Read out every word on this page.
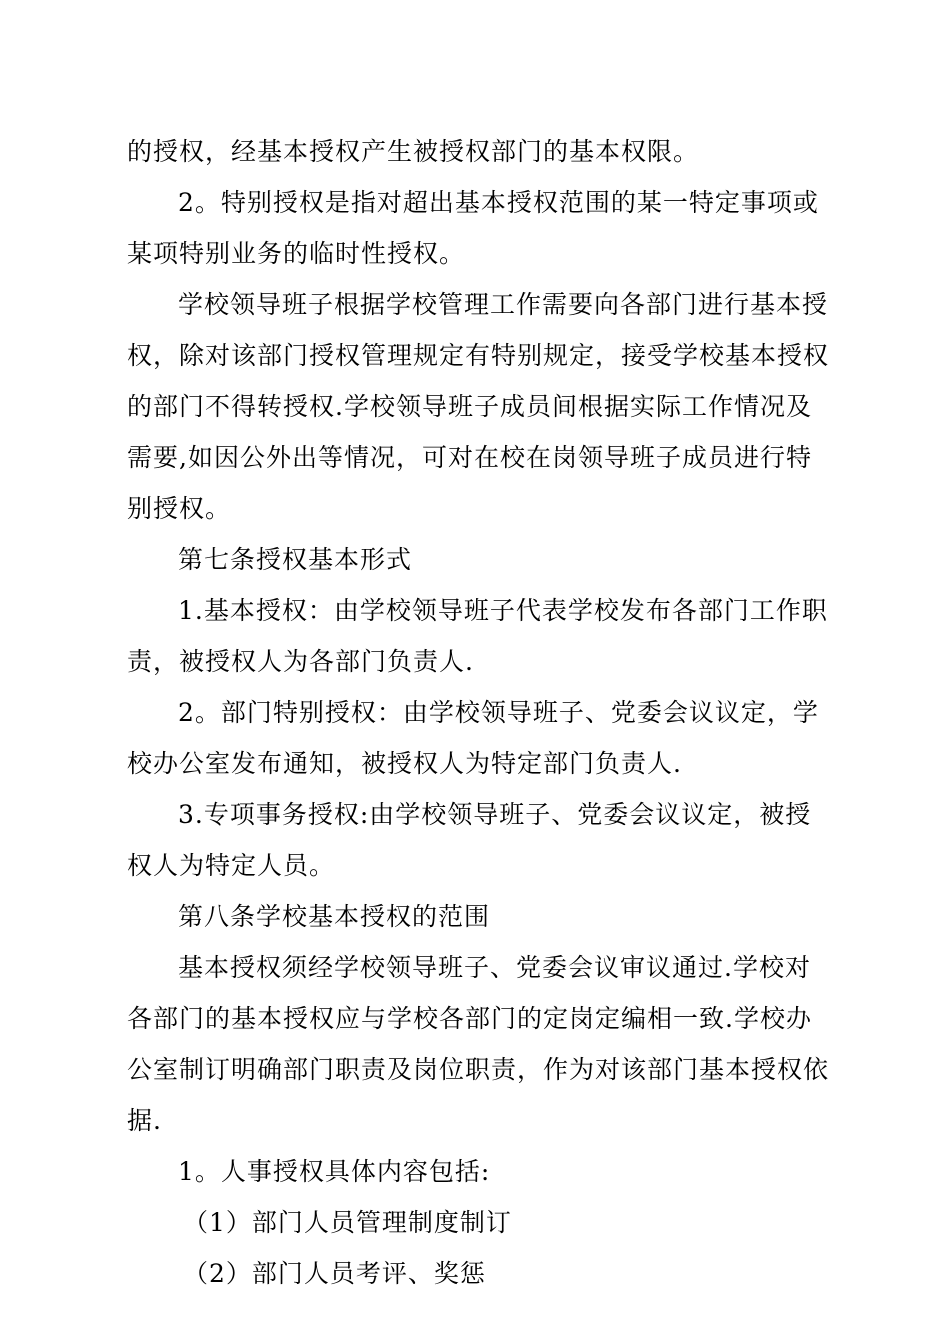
的授权，经基本授权产生被授权部门的基本权限。

2。特别授权是指对超出基本授权范围的某一特定事项或某项特别业务的临时性授权。

学校领导班子根据学校管理工作需要向各部门进行基本授权，除对该部门授权管理规定有特别规定，接受学校基本授权的部门不得转授权.学校领导班子成员间根据实际工作情况及需要,如因公外出等情况，可对在校在岗领导班子成员进行特别授权。

第七条授权基本形式

1.基本授权：由学校领导班子代表学校发布各部门工作职责，被授权人为各部门负责人.

2。部门特别授权：由学校领导班子、党委会议议定，学校办公室发布通知，被授权人为特定部门负责人.

3.专项事务授权:由学校领导班子、党委会议议定，被授权人为特定人员。

第八条学校基本授权的范围

基本授权须经学校领导班子、党委会议审议通过.学校对各部门的基本授权应与学校各部门的定岗定编相一致.学校办公室制订明确部门职责及岗位职责，作为对该部门基本授权依据.

1。人事授权具体内容包括:

（1）部门人员管理制度制订

（2）部门人员考评、奖惩
